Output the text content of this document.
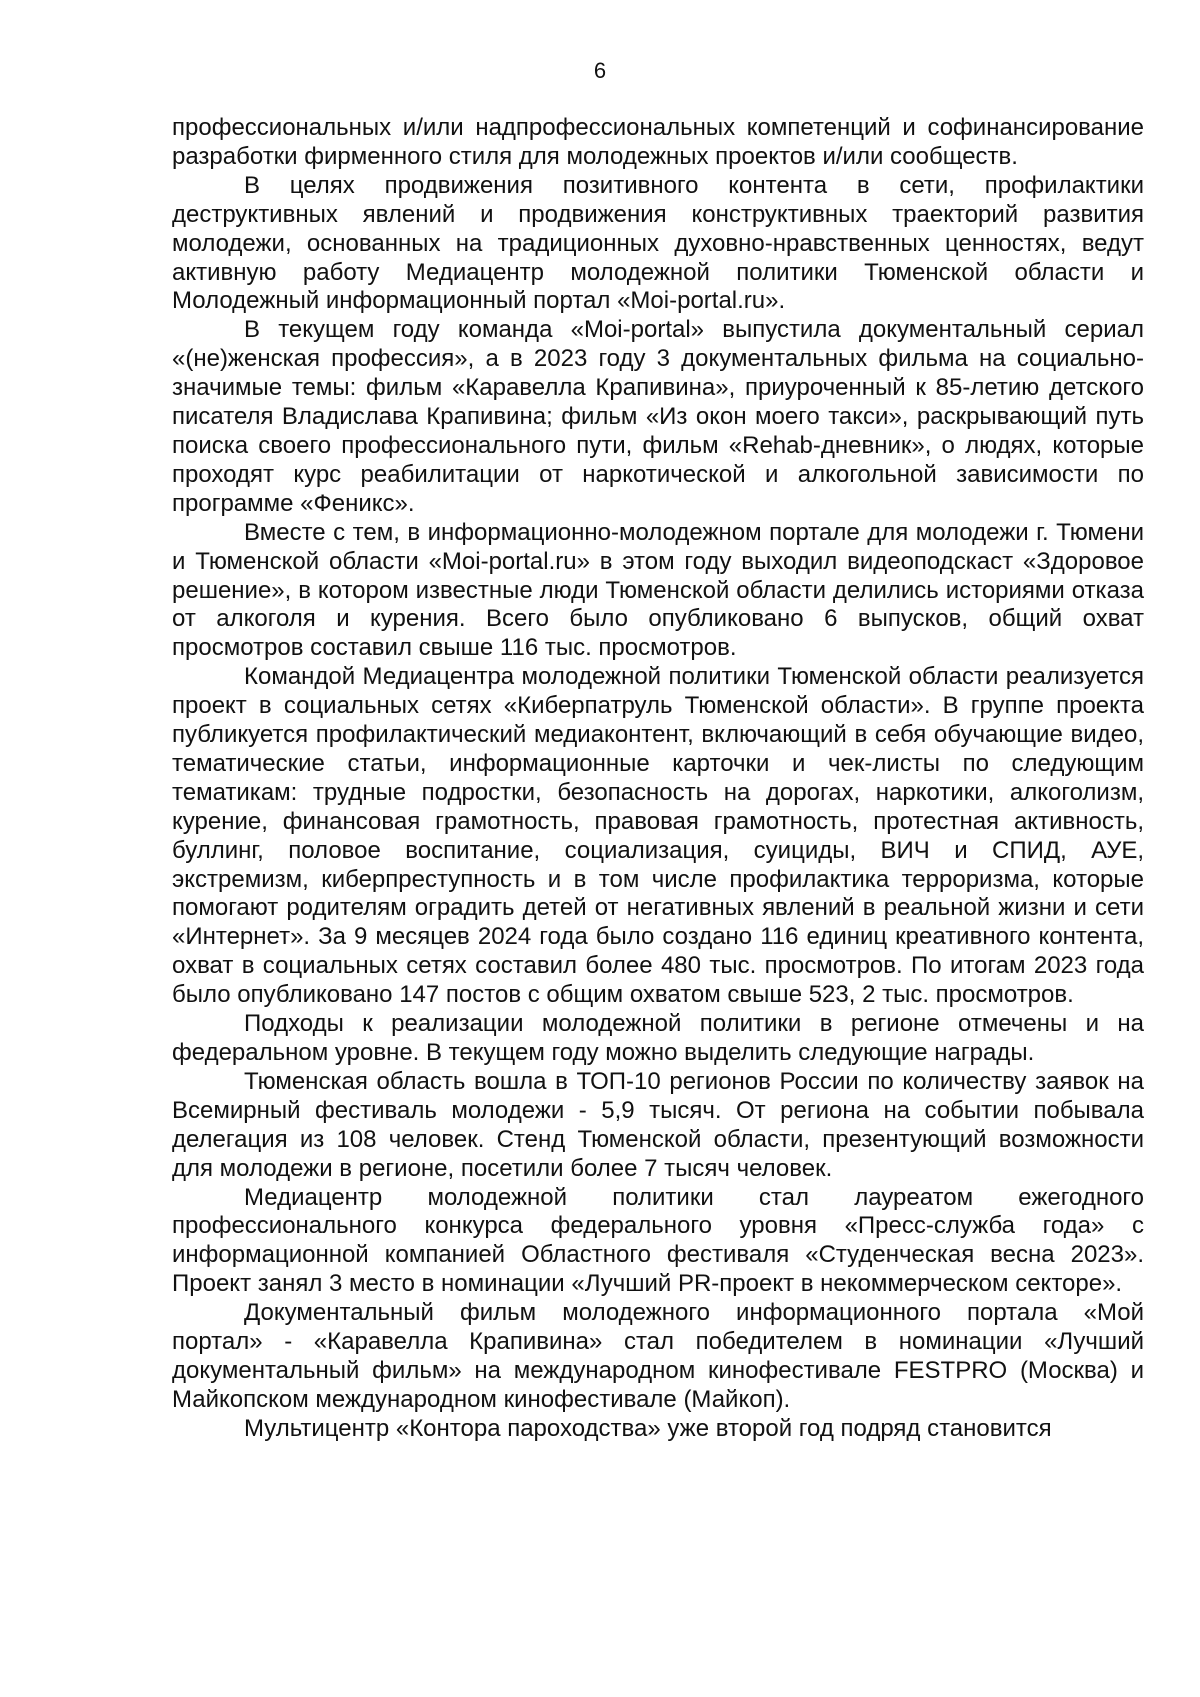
6

профессиональных и/или надпрофессиональных компетенций и софинансирование разработки фирменного стиля для молодежных проектов и/или сообществ.

В целях продвижения позитивного контента в сети, профилактики деструктивных явлений и продвижения конструктивных траекторий развития молодежи, основанных на традиционных духовно-нравственных ценностях, ведут активную работу Медиацентр молодежной политики Тюменской области и Молодежный информационный портал «Moi-portal.ru».

В текущем году команда «Moi-portal» выпустила документальный сериал «(не)женская профессия», а в 2023 году 3 документальных фильма на социально-значимые темы: фильм «Каравелла Крапивина», приуроченный к 85-летию детского писателя Владислава Крапивина; фильм «Из окон моего такси», раскрывающий путь поиска своего профессионального пути, фильм «Rehab-дневник», о людях, которые проходят курс реабилитации от наркотической и алкогольной зависимости по программе «Феникс».

Вместе с тем, в информационно-молодежном портале для молодежи г. Тюмени и Тюменской области «Moi-portal.ru» в этом году выходил видеоподскаст «Здоровое решение», в котором известные люди Тюменской области делились историями отказа от алкоголя и курения. Всего было опубликовано 6 выпусков, общий охват просмотров составил свыше 116 тыс. просмотров.

Командой Медиацентра молодежной политики Тюменской области реализуется проект в социальных сетях «Киберпатруль Тюменской области». В группе проекта публикуется профилактический медиаконтент, включающий в себя обучающие видео, тематические статьи, информационные карточки и чек-листы по следующим тематикам: трудные подростки, безопасность на дорогах, наркотики, алкоголизм, курение, финансовая грамотность, правовая грамотность, протестная активность, буллинг, половое воспитание, социализация, суициды, ВИЧ и СПИД, АУЕ, экстремизм, киберпреступность и в том числе профилактика терроризма, которые помогают родителям оградить детей от негативных явлений в реальной жизни и сети «Интернет». За 9 месяцев 2024 года было создано 116 единиц креативного контента, охват в социальных сетях составил более 480 тыс. просмотров. По итогам 2023 года было опубликовано 147 постов с общим охватом свыше 523, 2 тыс. просмотров.

Подходы к реализации молодежной политики в регионе отмечены и на федеральном уровне. В текущем году можно выделить следующие награды.

Тюменская область вошла в ТОП-10 регионов России по количеству заявок на Всемирный фестиваль молодежи - 5,9 тысяч. От региона на событии побывала делегация из 108 человек. Стенд Тюменской области, презентующий возможности для молодежи в регионе, посетили более 7 тысяч человек.

Медиацентр молодежной политики стал лауреатом ежегодного профессионального конкурса федерального уровня «Пресс-служба года» с информационной компанией Областного фестиваля «Студенческая весна 2023». Проект занял 3 место в номинации «Лучший PR-проект в некоммерческом секторе».

Документальный фильм молодежного информационного портала «Мой портал» - «Каравелла Крапивина» стал победителем в номинации «Лучший документальный фильм» на международном кинофестивале FESTPRO (Москва) и Майкопском международном кинофестивале (Майкоп).

Мультицентр «Контора пароходства» уже второй год подряд становится
